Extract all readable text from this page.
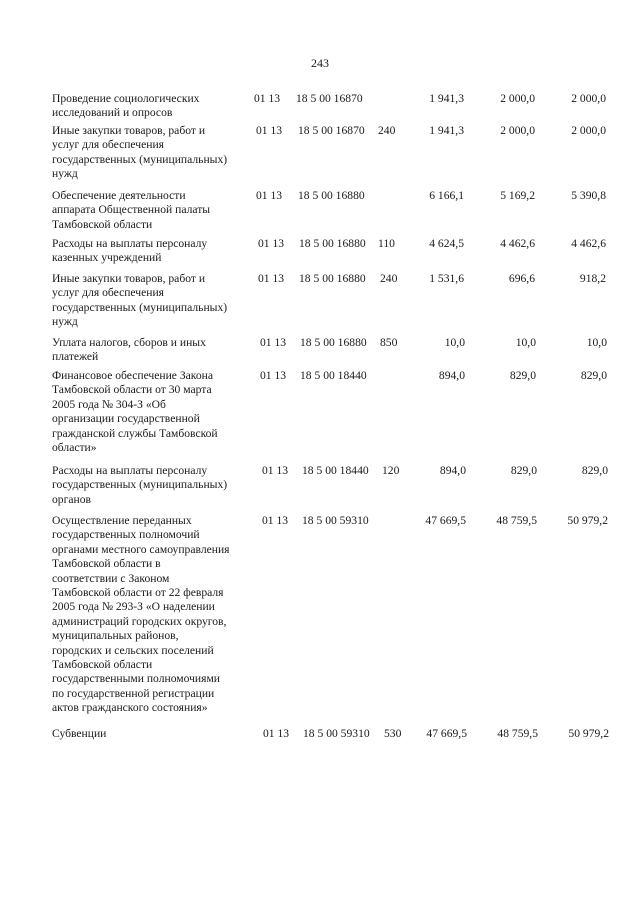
243
Проведение социологических
исследований и опросов
01 13 18 5 00 16870	1 941,3	2 000,0	2 000,0
Иные закупки товаров, работ и
услуг для обеспечения
государственных (муниципальных)
нужд
01 13 18 5 00 16870 240	1 941,3	2 000,0	2 000,0
Обеспечение деятельности
аппарата Общественной палаты
Тамбовской области
01 13 18 5 00 16880	6 166,1	5 169,2	5 390,8
Расходы на выплаты персоналу
казенных учреждений
01 13 18 5 00 16880 110	4 624,5	4 462,6	4 462,6
Иные закупки товаров, работ и
услуг для обеспечения
государственных (муниципальных)
нужд
01 13 18 5 00 16880 240	1 531,6	696,6	918,2
Уплата налогов, сборов и иных
платежей
01 13 18 5 00 16880 850	10,0	10,0	10,0
Финансовое обеспечение Закона
Тамбовской области от 30 марта
2005 года № 304-З «Об
организации государственной
гражданской службы Тамбовской
области»
01 13 18 5 00 18440	894,0	829,0	829,0
Расходы на выплаты персоналу
государственных (муниципальных)
органов
01 13 18 5 00 18440 120	894,0	829,0	829,0
Осуществление переданных
государственных полномочий
органами местного самоуправления
Тамбовской области в
соответствии с Законом
Тамбовской области от 22 февраля
2005 года № 293-З «О наделении
администраций городских округов,
муниципальных районов,
городских и сельских поселений
Тамбовской области
государственными полномочиями
по государственной регистрации
актов гражданского состояния»
01 13 18 5 00 59310	47 669,5	48 759,5	50 979,2
Субвенции	01 13 18 5 00 59310 530	47 669,5	48 759,5	50 979,2
